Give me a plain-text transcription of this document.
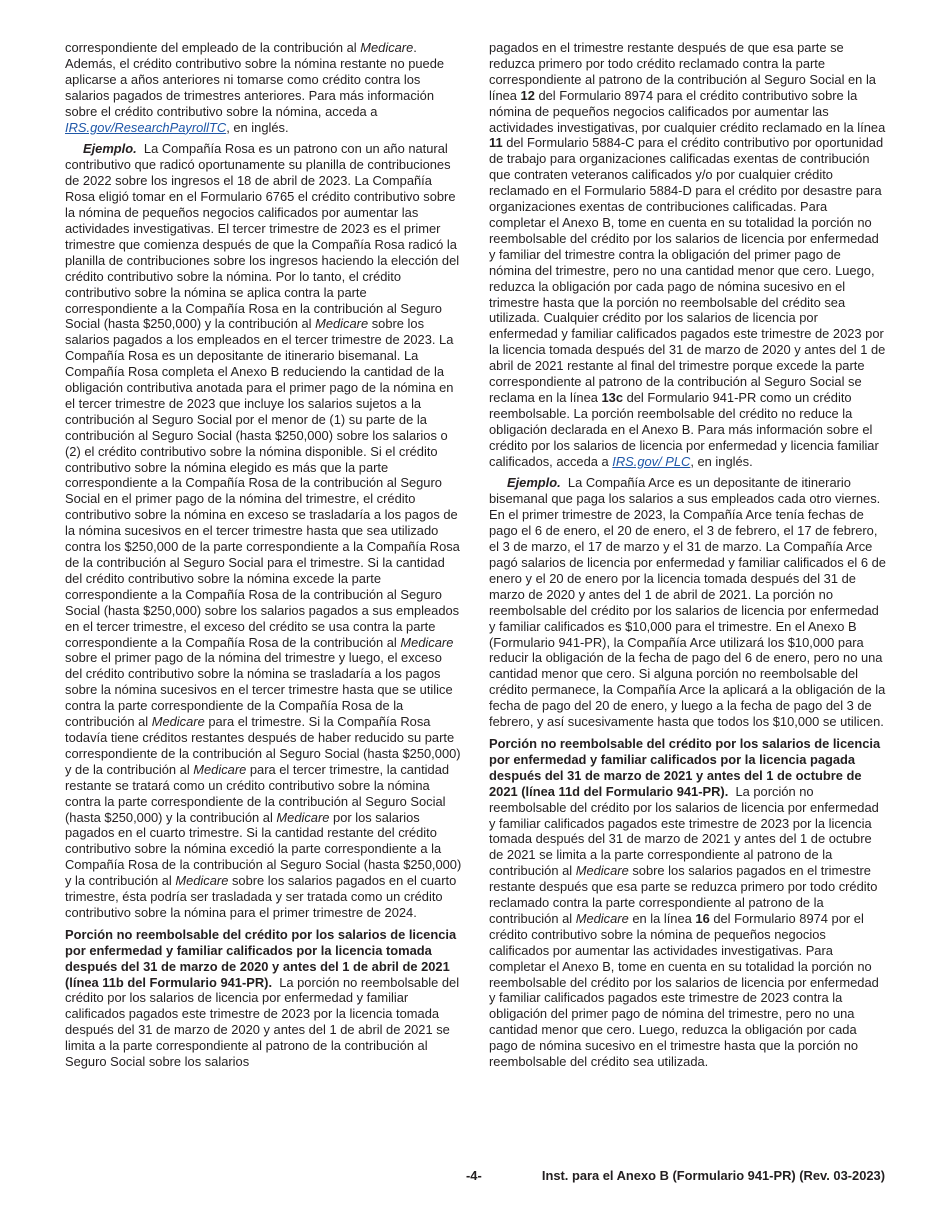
correspondiente del empleado de la contribución al Medicare. Además, el crédito contributivo sobre la nómina restante no puede aplicarse a años anteriores ni tomarse como crédito contra los salarios pagados de trimestres anteriores. Para más información sobre el crédito contributivo sobre la nómina, acceda a IRS.gov/ResearchPayrollTC, en inglés.

Ejemplo. La Compañía Rosa es un patrono con un año natural contributivo que radicó oportunamente su planilla de contribuciones de 2022 sobre los ingresos el 18 de abril de 2023. La Compañía Rosa eligió tomar en el Formulario 6765 el crédito contributivo sobre la nómina de pequeños negocios calificados por aumentar las actividades investigativas. El tercer trimestre de 2023 es el primer trimestre que comienza después de que la Compañía Rosa radicó la planilla de contribuciones sobre los ingresos haciendo la elección del crédito contributivo sobre la nómina. Por lo tanto, el crédito contributivo sobre la nómina se aplica contra la parte correspondiente a la Compañía Rosa en la contribución al Seguro Social (hasta $250,000) y la contribución al Medicare sobre los salarios pagados a los empleados en el tercer trimestre de 2023. La Compañía Rosa es un depositante de itinerario bisemanal. La Compañía Rosa completa el Anexo B reduciendo la cantidad de la obligación contributiva anotada para el primer pago de la nómina en el tercer trimestre de 2023 que incluye los salarios sujetos a la contribución al Seguro Social por el menor de (1) su parte de la contribución al Seguro Social (hasta $250,000) sobre los salarios o (2) el crédito contributivo sobre la nómina disponible. Si el crédito contributivo sobre la nómina elegido es más que la parte correspondiente a la Compañía Rosa de la contribución al Seguro Social en el primer pago de la nómina del trimestre, el crédito contributivo sobre la nómina en exceso se trasladaría a los pagos de la nómina sucesivos en el tercer trimestre hasta que sea utilizado contra los $250,000 de la parte correspondiente a la Compañía Rosa de la contribución al Seguro Social para el trimestre. Si la cantidad del crédito contributivo sobre la nómina excede la parte correspondiente a la Compañía Rosa de la contribución al Seguro Social (hasta $250,000) sobre los salarios pagados a sus empleados en el tercer trimestre, el exceso del crédito se usa contra la parte correspondiente a la Compañía Rosa de la contribución al Medicare sobre el primer pago de la nómina del trimestre y luego, el exceso del crédito contributivo sobre la nómina se trasladaría a los pagos sobre la nómina sucesivos en el tercer trimestre hasta que se utilice contra la parte correspondiente de la Compañía Rosa de la contribución al Medicare para el trimestre. Si la Compañía Rosa todavía tiene créditos restantes después de haber reducido su parte correspondiente de la contribución al Seguro Social (hasta $250,000) y de la contribución al Medicare para el tercer trimestre, la cantidad restante se tratará como un crédito contributivo sobre la nómina contra la parte correspondiente de la contribución al Seguro Social (hasta $250,000) y la contribución al Medicare por los salarios pagados en el cuarto trimestre. Si la cantidad restante del crédito contributivo sobre la nómina excedió la parte correspondiente a la Compañía Rosa de la contribución al Seguro Social (hasta $250,000) y la contribución al Medicare sobre los salarios pagados en el cuarto trimestre, ésta podría ser trasladada y ser tratada como un crédito contributivo sobre la nómina para el primer trimestre de 2024.

Porción no reembolsable del crédito por los salarios de licencia por enfermedad y familiar calificados por la licencia tomada después del 31 de marzo de 2020 y antes del 1 de abril de 2021 (línea 11b del Formulario 941-PR). La porción no reembolsable del crédito por los salarios de licencia por enfermedad y familiar calificados pagados este trimestre de 2023 por la licencia tomada después del 31 de marzo de 2020 y antes del 1 de abril de 2021 se limita a la parte correspondiente al patrono de la contribución al Seguro Social sobre los salarios

pagados en el trimestre restante después de que esa parte se reduzca primero por todo crédito reclamado contra la parte correspondiente al patrono de la contribución al Seguro Social en la línea 12 del Formulario 8974 para el crédito contributivo sobre la nómina de pequeños negocios calificados por aumentar las actividades investigativas, por cualquier crédito reclamado en la línea 11 del Formulario 5884-C para el crédito contributivo por oportunidad de trabajo para organizaciones calificadas exentas de contribución que contraten veteranos calificados y/o por cualquier crédito reclamado en el Formulario 5884-D para el crédito por desastre para organizaciones exentas de contribuciones calificadas. Para completar el Anexo B, tome en cuenta en su totalidad la porción no reembolsable del crédito por los salarios de licencia por enfermedad y familiar del trimestre contra la obligación del primer pago de nómina del trimestre, pero no una cantidad menor que cero. Luego, reduzca la obligación por cada pago de nómina sucesivo en el trimestre hasta que la porción no reembolsable del crédito sea utilizada. Cualquier crédito por los salarios de licencia por enfermedad y familiar calificados pagados este trimestre de 2023 por la licencia tomada después del 31 de marzo de 2020 y antes del 1 de abril de 2021 restante al final del trimestre porque excede la parte correspondiente al patrono de la contribución al Seguro Social se reclama en la línea 13c del Formulario 941-PR como un crédito reembolsable. La porción reembolsable del crédito no reduce la obligación declarada en el Anexo B. Para más información sobre el crédito por los salarios de licencia por enfermedad y licencia familiar calificados, acceda a IRS.gov/ PLC, en inglés.

Ejemplo. La Compañía Arce es un depositante de itinerario bisemanal que paga los salarios a sus empleados cada otro viernes. En el primer trimestre de 2023, la Compañía Arce tenía fechas de pago el 6 de enero, el 20 de enero, el 3 de febrero, el 17 de febrero, el 3 de marzo, el 17 de marzo y el 31 de marzo. La Compañía Arce pagó salarios de licencia por enfermedad y familiar calificados el 6 de enero y el 20 de enero por la licencia tomada después del 31 de marzo de 2020 y antes del 1 de abril de 2021. La porción no reembolsable del crédito por los salarios de licencia por enfermedad y familiar calificados es $10,000 para el trimestre. En el Anexo B (Formulario 941-PR), la Compañía Arce utilizará los $10,000 para reducir la obligación de la fecha de pago del 6 de enero, pero no una cantidad menor que cero. Si alguna porción no reembolsable del crédito permanece, la Compañía Arce la aplicará a la obligación de la fecha de pago del 20 de enero, y luego a la fecha de pago del 3 de febrero, y así sucesivamente hasta que todos los $10,000 se utilicen.

Porción no reembolsable del crédito por los salarios de licencia por enfermedad y familiar calificados por la licencia pagada después del 31 de marzo de 2021 y antes del 1 de octubre de 2021 (línea 11d del Formulario 941-PR). La porción no reembolsable del crédito por los salarios de licencia por enfermedad y familiar calificados pagados este trimestre de 2023 por la licencia tomada después del 31 de marzo de 2021 y antes del 1 de octubre de 2021 se limita a la parte correspondiente al patrono de la contribución al Medicare sobre los salarios pagados en el trimestre restante después que esa parte se reduzca primero por todo crédito reclamado contra la parte correspondiente al patrono de la contribución al Medicare en la línea 16 del Formulario 8974 por el crédito contributivo sobre la nómina de pequeños negocios calificados por aumentar las actividades investigativas. Para completar el Anexo B, tome en cuenta en su totalidad la porción no reembolsable del crédito por los salarios de licencia por enfermedad y familiar calificados pagados este trimestre de 2023 contra la obligación del primer pago de nómina del trimestre, pero no una cantidad menor que cero. Luego, reduzca la obligación por cada pago de nómina sucesivo en el trimestre hasta que la porción no reembolsable del crédito sea utilizada.

-4-	Inst. para el Anexo B (Formulario 941-PR) (Rev. 03-2023)
